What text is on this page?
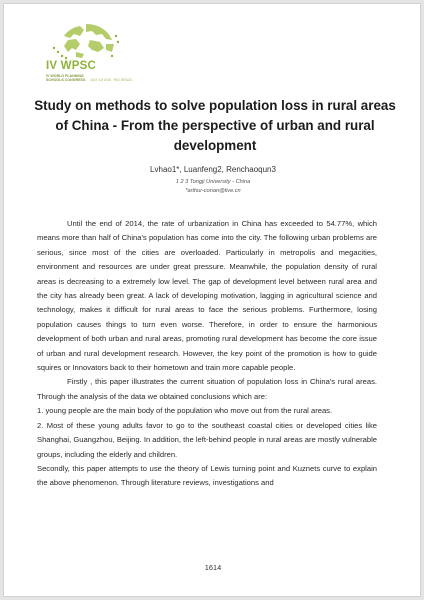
IV WPSC
IV WORLD PLANNING
SCHOOLS CONGRESS JULY 4-8 2016 · RIO, BRAZIL
Study on methods to solve population loss in rural areas of China - From the perspective of urban and rural development
Lvhao1*, Luanfeng2, Renchaoqun3
1 2 3 Tongji University - China
*arthur-conan@live.cn

Until the end of 2014, the rate of urbanization in China has exceeded to 54.77%, which means more than half of China's population has come into the city. The following urban problems are serious, since most of the cities are overloaded. Particularly in metropolis and megacities, environment and resources are under great pressure. Meanwhile, the population density of rural areas is decreasing to a extremely low level. The gap of development level between rural area and the city has already been great. A lack of developing motivation, lagging in agricultural science and technology, makes it difficult for rural areas to face the serious problems. Furthermore, losing population causes things to turn even worse. Therefore, in order to ensure the harmonious development of both urban and rural areas, promoting rural development has become the core issue of urban and rural development research. However, the key point of the promotion is how to guide squires or Innovators back to their hometown and train more capable people.

Firstly , this paper illustrates the current situation of population loss in China's rural areas. Through the analysis of the data we obtained conclusions which are:

1. young people are the main body of the population who move out from the rural areas.

2. Most of these young adults favor to go to the southeast coastal cities or developed cities like Shanghai, Guangzhou, Beijing. In addition, the left-behind people in rural areas are mostly vulnerable groups, including the elderly and children.

Secondly, this paper attempts to use the theory of Lewis turning point and Kuznets curve to explain the above phenomenon. Through literature reviews, investigations and

1614
